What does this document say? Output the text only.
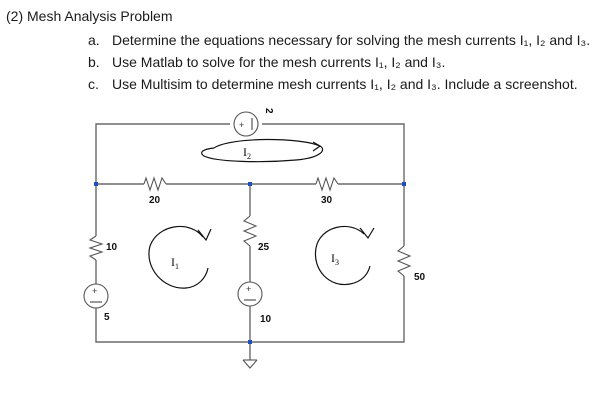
(2) Mesh Analysis Problem
a. Determine the equations necessary for solving the mesh currents I₁, I₂ and I₃.
b. Use Matlab to solve for the mesh currents I₁, I₂ and I₃.
c. Use Multisim to determine mesh currents I₁, I₂ and I₃. Include a screenshot.
+
2
20	30
10	25
50
+
5
+
10
$I_2$
$I_1$
$I_3$
